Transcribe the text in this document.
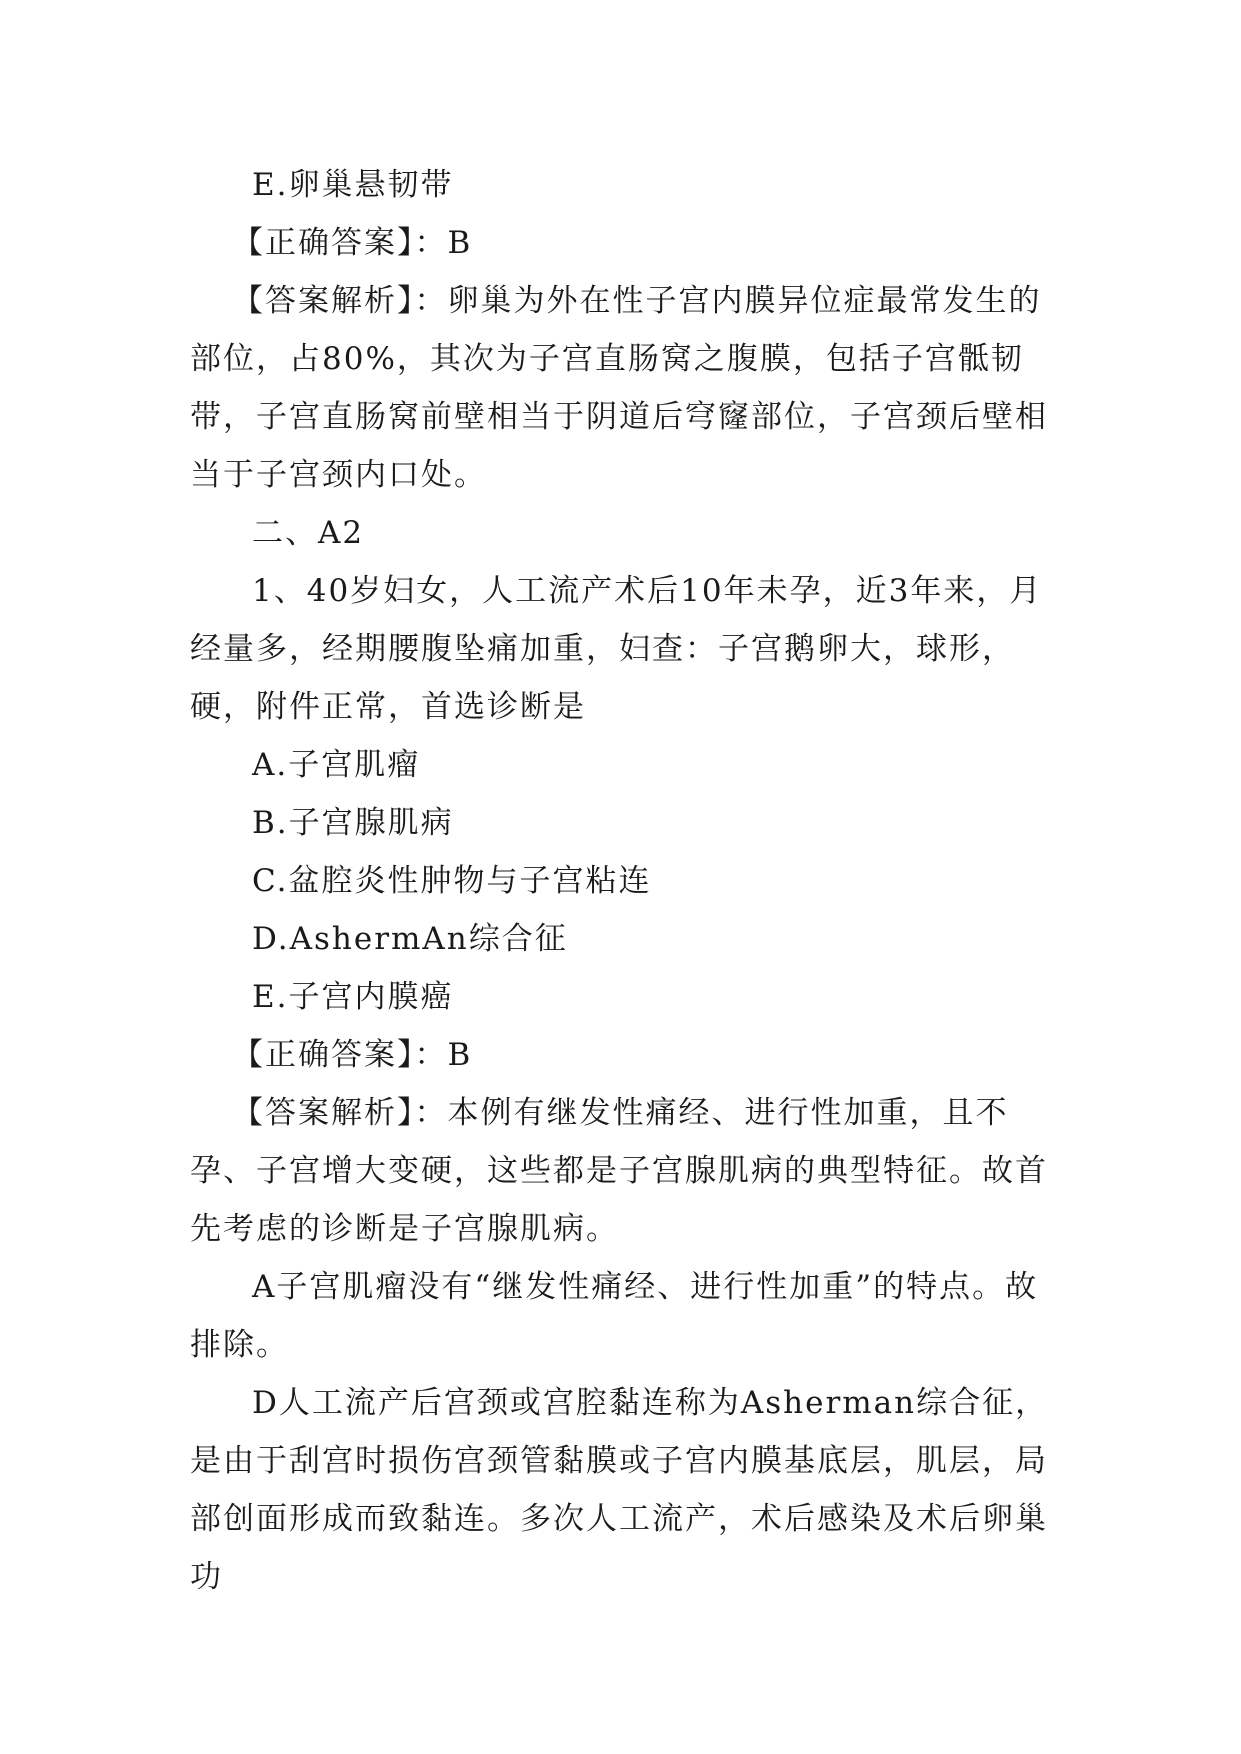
E.卵巢悬韧带

【正确答案】：B

【答案解析】：卵巢为外在性子宫内膜异位症最常发生的部位，占80%，其次为子宫直肠窝之腹膜，包括子宫骶韧带，子宫直肠窝前壁相当于阴道后穹窿部位，子宫颈后壁相当于子宫颈内口处。

二、A2

1、40岁妇女，人工流产术后10年未孕，近3年来，月经量多，经期腰腹坠痛加重，妇查：子宫鹅卵大，球形，硬，附件正常，首选诊断是

A.子宫肌瘤

B.子宫腺肌病

C.盆腔炎性肿物与子宫粘连

D.AshermAn综合征

E.子宫内膜癌

【正确答案】：B

【答案解析】：本例有继发性痛经、进行性加重，且不孕、子宫增大变硬，这些都是子宫腺肌病的典型特征。故首先考虑的诊断是子宫腺肌病。

A子宫肌瘤没有“继发性痛经、进行性加重”的特点。故排除。

D人工流产后宫颈或宫腔黏连称为Asherman综合征，是由于刮宫时损伤宫颈管黏膜或子宫内膜基底层，肌层，局部创面形成而致黏连。多次人工流产，术后感染及术后卵巢功
